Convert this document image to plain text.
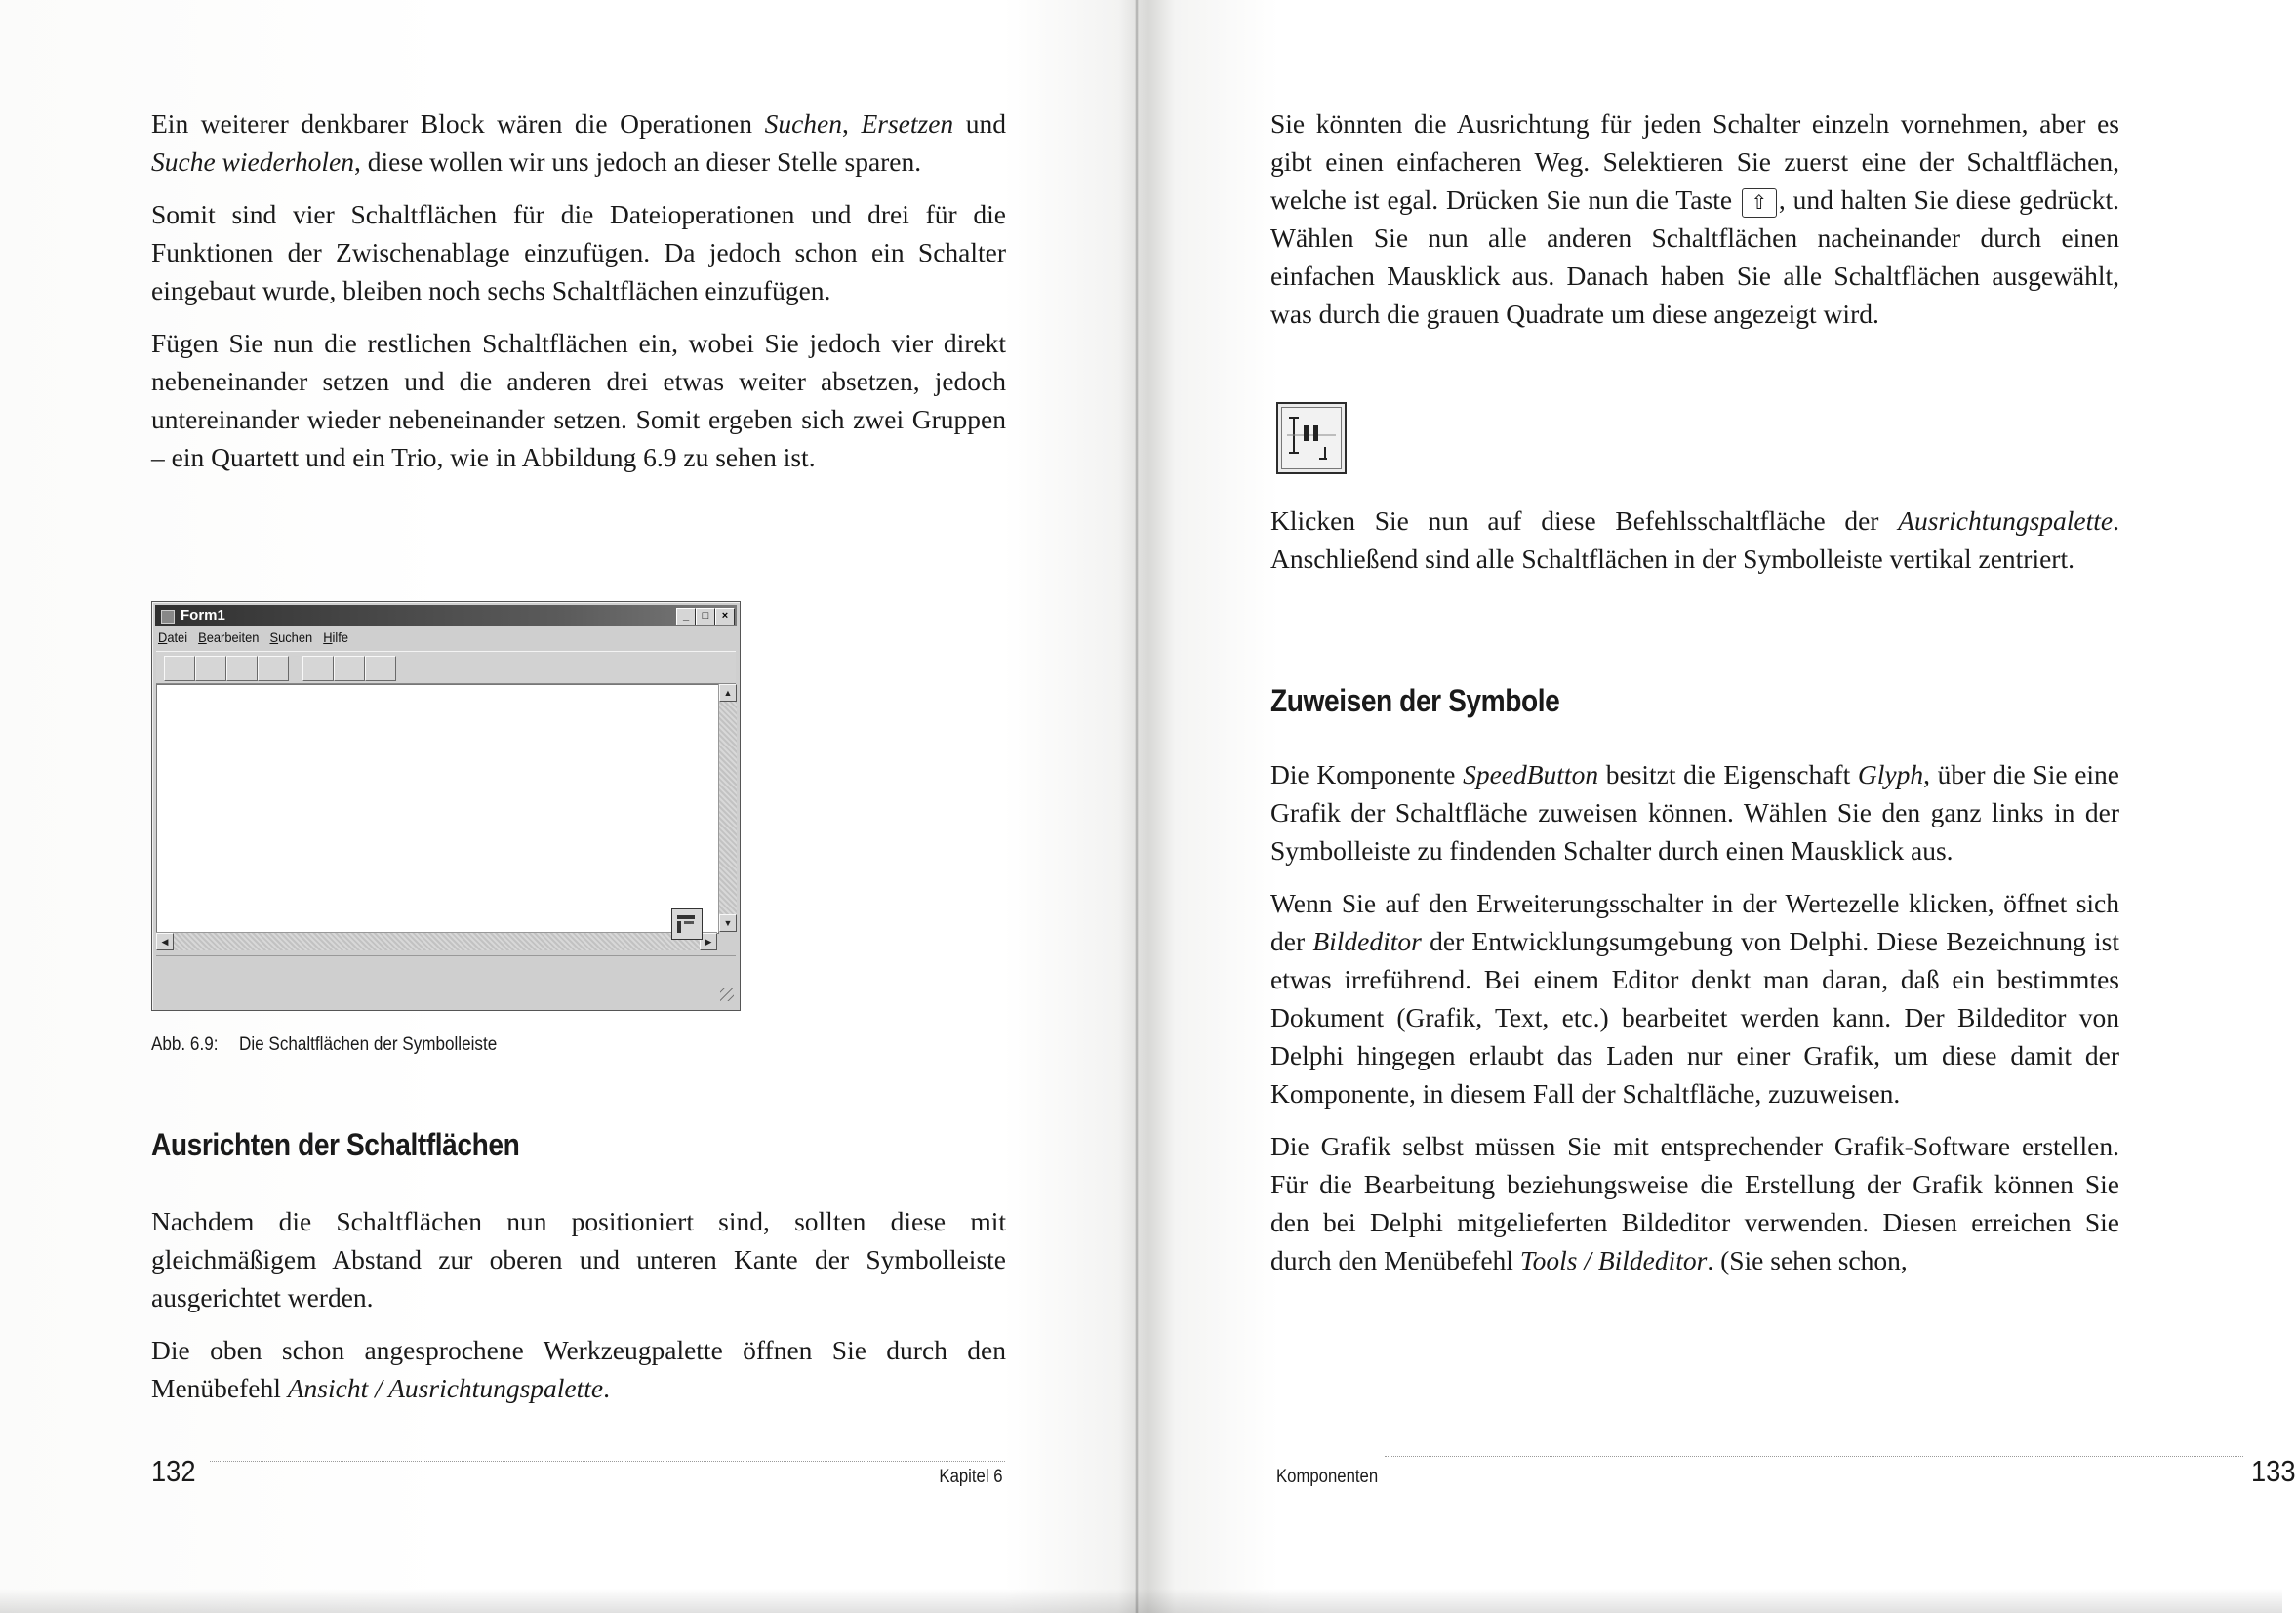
Ein weiterer denkbarer Block wären die Operationen Suchen, Ersetzen und Suche wiederholen, diese wollen wir uns jedoch an dieser Stelle sparen.

Somit sind vier Schaltflächen für die Dateioperationen und drei für die Funktionen der Zwischenablage einzufügen. Da jedoch schon ein Schalter eingebaut wurde, bleiben noch sechs Schaltflächen einzufügen.

Fügen Sie nun die restlichen Schaltflächen ein, wobei Sie jedoch vier direkt nebeneinander setzen und die anderen drei etwas weiter absetzen, jedoch untereinander wieder nebeneinander setzen. Somit ergeben sich zwei Gruppen – ein Quartett und ein Trio, wie in Abbildung 6.9 zu sehen ist.

Form1	_	□	×
Datei Bearbeiten Suchen Hilfe
▲
▼
◀	▶
Abb. 6.9: Die Schaltflächen der Symbolleiste
Ausrichten der Schaltflächen

Nachdem die Schaltflächen nun positioniert sind, sollten diese mit gleichmäßigem Abstand zur oberen und unteren Kante der Symbolleiste ausgerichtet werden.

Die oben schon angesprochene Werkzeugpalette öffnen Sie durch den Menübefehl Ansicht / Ausrichtungspalette.

132	Kapitel 6

Sie könnten die Ausrichtung für jeden Schalter einzeln vornehmen, aber es gibt einen einfacheren Weg. Selektieren Sie zuerst eine der Schaltflächen, welche ist egal. Drücken Sie nun die Taste ⇧ , und halten Sie diese gedrückt. Wählen Sie nun alle anderen Schaltflächen nacheinander durch einen einfachen Mausklick aus. Danach haben Sie alle Schaltflächen ausgewählt, was durch die grauen Quadrate um diese angezeigt wird.

Klicken Sie nun auf diese Befehlsschaltfläche der Ausrichtungspalette. Anschließend sind alle Schaltflächen in der Symbolleiste vertikal zentriert.

Zuweisen der Symbole

Die Komponente SpeedButton besitzt die Eigenschaft Glyph, über die Sie eine Grafik der Schaltfläche zuweisen können. Wählen Sie den ganz links in der Symbolleiste zu findenden Schalter durch einen Mausklick aus.

Wenn Sie auf den Erweiterungsschalter in der Wertezelle klicken, öffnet sich der Bildeditor der Entwicklungsumgebung von Delphi. Diese Bezeichnung ist etwas irreführend. Bei einem Editor denkt man daran, daß ein bestimmtes Dokument (Grafik, Text, etc.) bearbeitet werden kann. Der Bildeditor von Delphi hingegen erlaubt das Laden nur einer Grafik, um diese damit der Komponente, in diesem Fall der Schaltfläche, zuzuweisen.

Die Grafik selbst müssen Sie mit entsprechender Grafik-Software erstellen. Für die Bearbeitung beziehungsweise die Erstellung der Grafik können Sie den bei Delphi mitgelieferten Bildeditor verwenden. Diesen erreichen Sie durch den Menübefehl Tools / Bildeditor. (Sie sehen schon,

Komponenten	133
